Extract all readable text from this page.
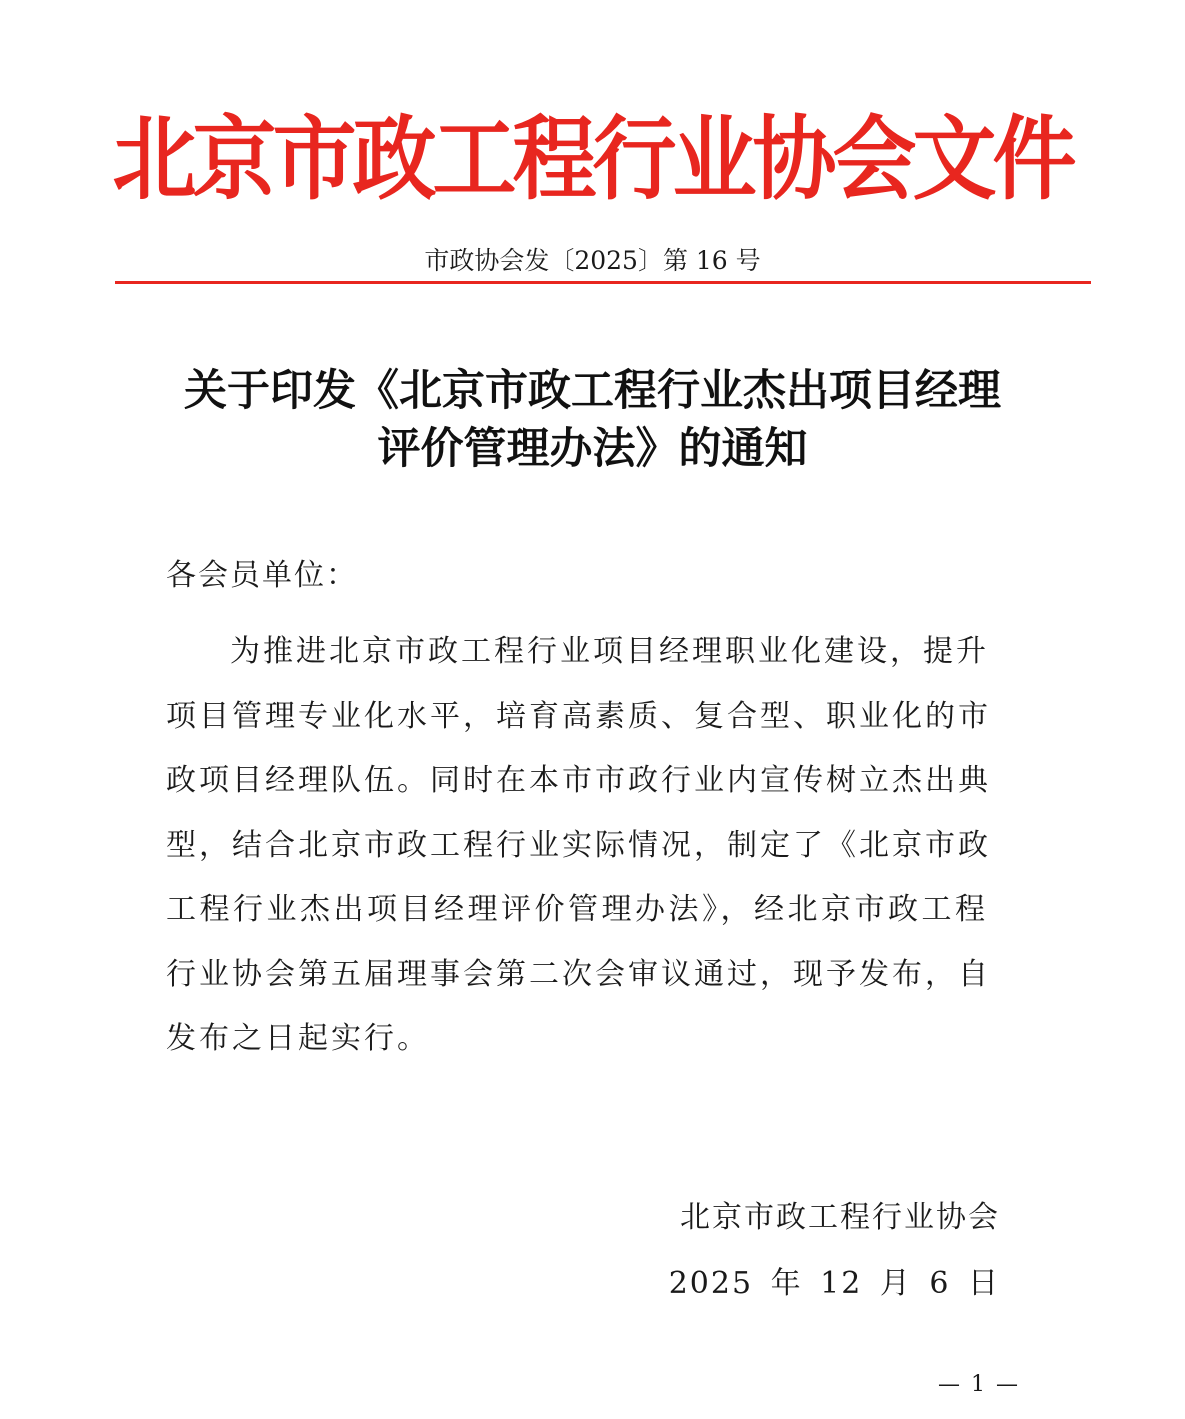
北京市政工程行业协会文件
市政协会发〔2025〕第 16 号
关于印发《北京市政工程行业杰出项目经理
评价管理办法》的通知
各会员单位：
为推进北京市政工程行业项目经理职业化建设，提升
项目管理专业化水平，培育高素质、复合型、职业化的市
政项目经理队伍。同时在本市市政行业内宣传树立杰出典
型，结合北京市政工程行业实际情况，制定了《北京市政
工程行业杰出项目经理评价管理办法》，经北京市政工程
行业协会第五届理事会第二次会审议通过，现予发布，自
发布之日起实行。
北京市政工程行业协会
2025 年 12 月 6 日
— 1 —
